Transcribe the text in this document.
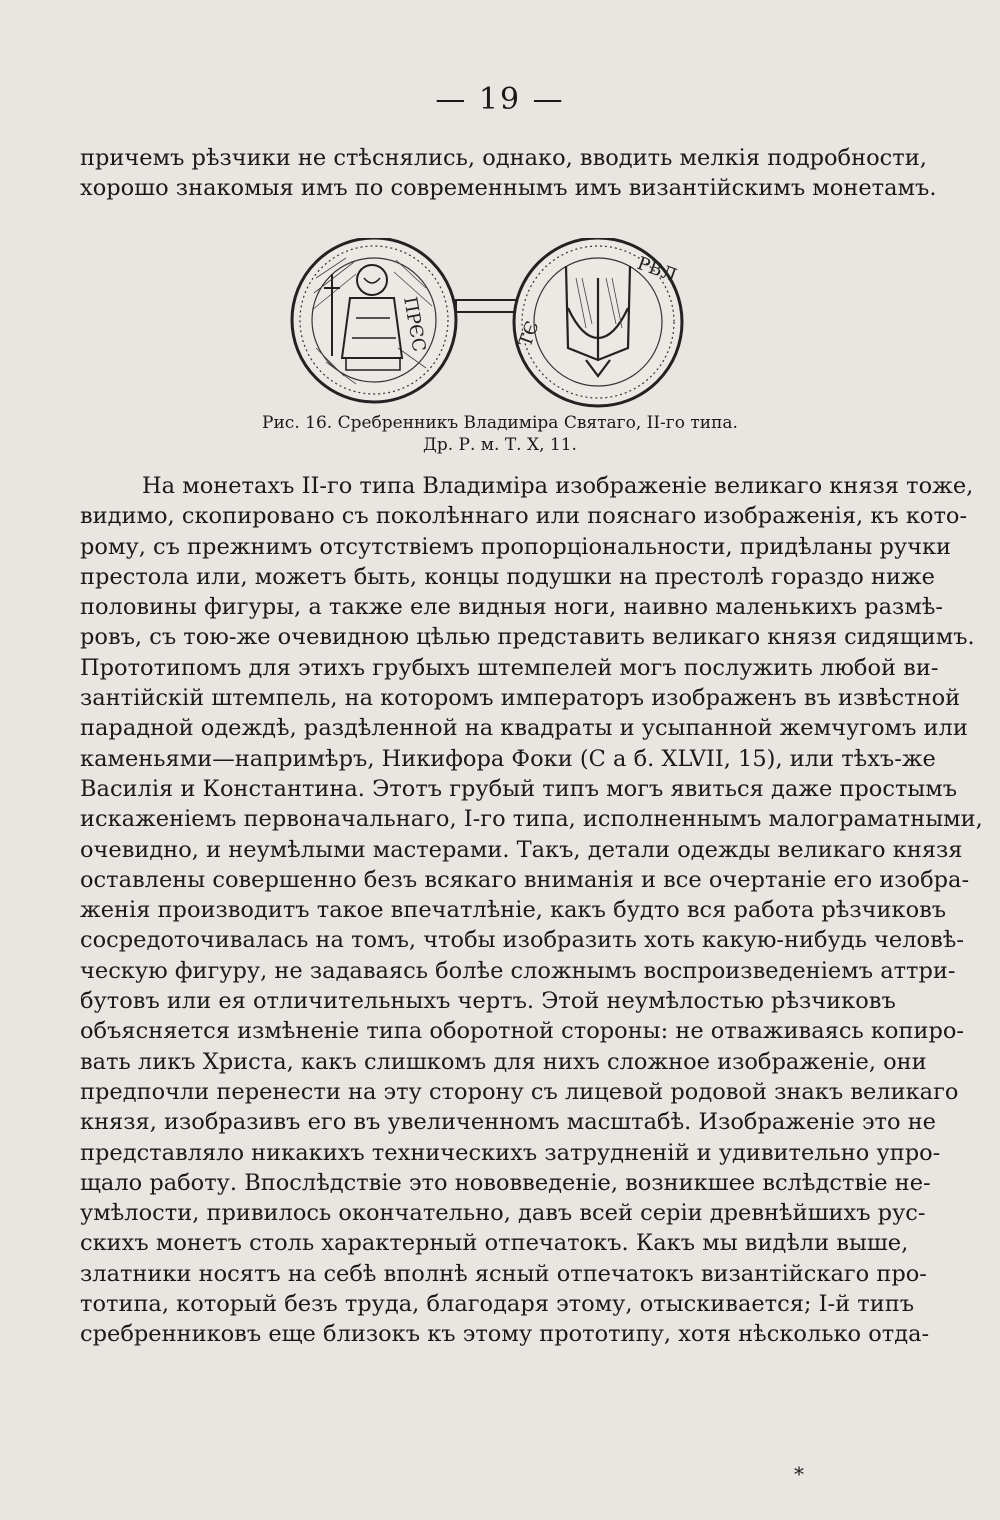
— 19 —
причемъ рѣзчики не стѣснялись, однако, вводить мелкія подробности,
хорошо знакомыя имъ по современнымъ имъ византійскимъ монетамъ.
ПРЄС	ТЄ
РВЛ
Рис. 16. Сребренникъ Владиміра Святаго, II-го типа.
Др. Р. м. Т. X, 11.
На монетахъ II-го типа Владиміра изображеніе великаго князя тоже,
видимо, скопировано съ поколѣннаго или пояснаго изображенія, къ кото-
рому, съ прежнимъ отсутствіемъ пропорціональности, придѣланы ручки
престола или, можетъ быть, концы подушки на престолѣ гораздо ниже
половины фигуры, а также еле видныя ноги, наивно маленькихъ размѣ-
ровъ, съ тою-же очевидною цѣлью представить великаго князя сидящимъ.
Прототипомъ для этихъ грубыхъ штемпелей могъ послужить любой ви-
зантійскій штемпель, на которомъ императоръ изображенъ въ извѣстной
парадной одеждѣ, раздѣленной на квадраты и усыпанной жемчугомъ или
каменьями—напримѣръ, Никифора Фоки (С а б. XLVII, 15), или тѣхъ-же
Василія и Константина. Этотъ грубый типъ могъ явиться даже простымъ
искаженіемъ первоначальнаго, I-го типа, исполненнымъ малограматными,
очевидно, и неумѣлыми мастерами. Такъ, детали одежды великаго князя
оставлены совершенно безъ всякаго вниманія и все очертаніе его изобра-
женія производитъ такое впечатлѣніе, какъ будто вся работа рѣзчиковъ
сосредоточивалась на томъ, чтобы изобразить хоть какую-нибудь человѣ-
ческую фигуру, не задаваясь болѣе сложнымъ воспроизведеніемъ аттри-
бутовъ или ея отличительныхъ чертъ. Этой неумѣлостью рѣзчиковъ
объясняется измѣненіе типа оборотной стороны: не отваживаясь копиро-
вать ликъ Христа, какъ слишкомъ для нихъ сложное изображеніе, они
предпочли перенести на эту сторону съ лицевой родовой знакъ великаго
князя, изобразивъ его въ увеличенномъ масштабѣ. Изображеніе это не
представляло никакихъ техническихъ затрудненій и удивительно упро-
щало работу. Впослѣдствіе это нововведеніе, возникшее вслѣдствіе не-
умѣлости, привилось окончательно, давъ всей серіи древнѣйшихъ рус-
скихъ монетъ столь характерный отпечатокъ. Какъ мы видѣли выше,
златники носятъ на себѣ вполнѣ ясный отпечатокъ византійскаго про-
тотипа, который безъ труда, благодаря этому, отыскивается; I-й типъ
сребренниковъ еще близокъ къ этому прототипу, хотя нѣсколько отда-
*
